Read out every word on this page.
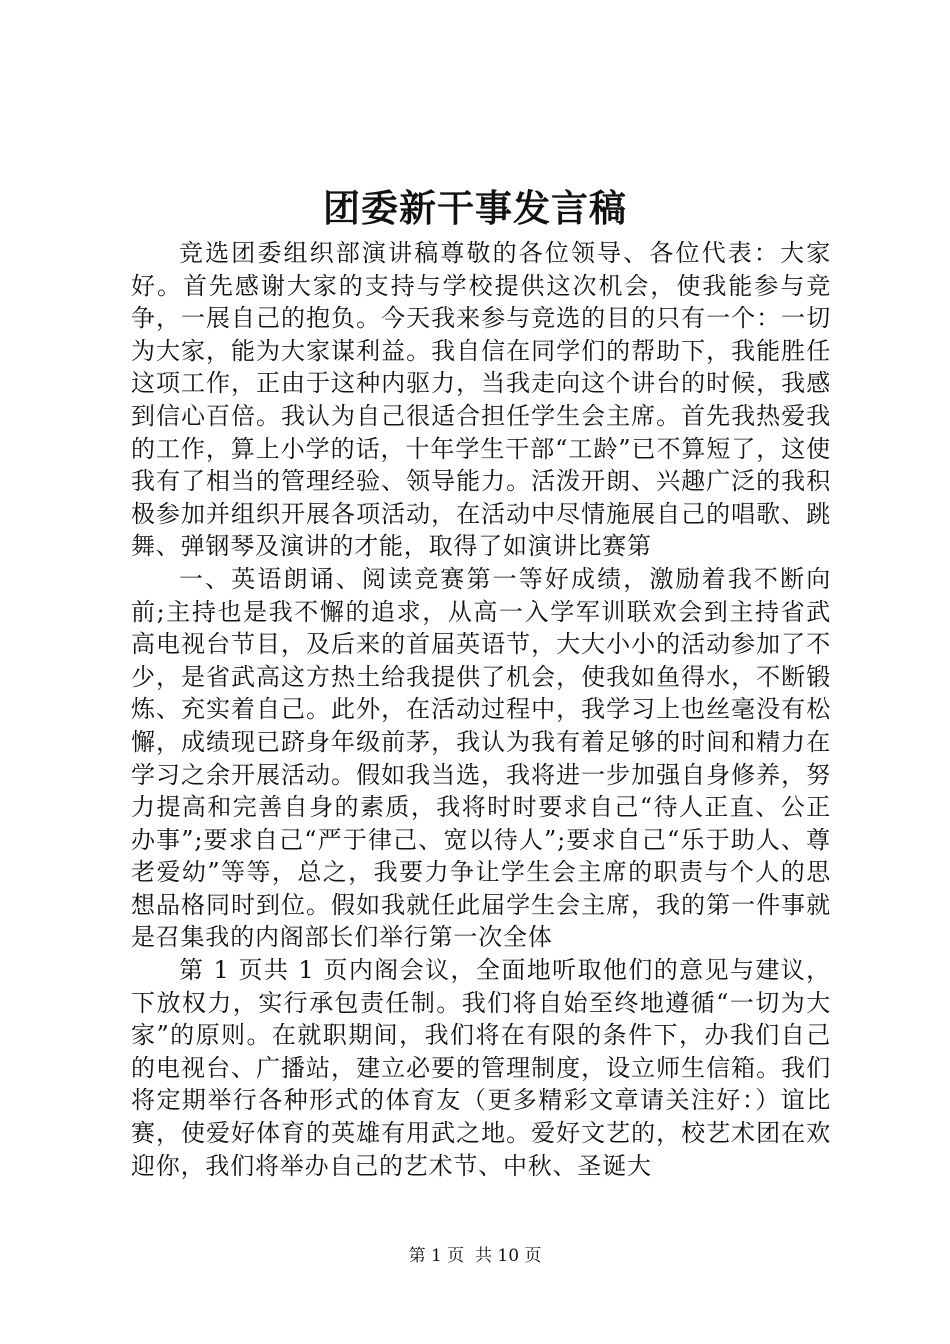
团委新干事发言稿

竞选团委组织部演讲稿尊敬的各位领导、各位代表：大家好。首先感谢大家的支持与学校提供这次机会，使我能参与竞争，一展自己的抱负。今天我来参与竞选的目的只有一个：一切为大家，能为大家谋利益。我自信在同学们的帮助下，我能胜任这项工作，正由于这种内驱力，当我走向这个讲台的时候，我感到信心百倍。我认为自己很适合担任学生会主席。首先我热爱我的工作，算上小学的话，十年学生干部“工龄”已不算短了，这使我有了相当的管理经验、领导能力。活泼开朗、兴趣广泛的我积极参加并组织开展各项活动，在活动中尽情施展自己的唱歌、跳舞、弹钢琴及演讲的才能，取得了如演讲比赛第

一、英语朗诵、阅读竞赛第一等好成绩，激励着我不断向前;主持也是我不懈的追求，从高一入学军训联欢会到主持省武高电视台节目，及后来的首届英语节，大大小小的活动参加了不少，是省武高这方热土给我提供了机会，使我如鱼得水，不断锻炼、充实着自己。此外，在活动过程中，我学习上也丝毫没有松懈，成绩现已跻身年级前茅，我认为我有着足够的时间和精力在学习之余开展活动。假如我当选，我将进一步加强自身修养，努力提高和完善自身的素质，我将时时要求自己“待人正直、公正办事”;要求自己“严于律己、宽以待人”;要求自己“乐于助人、尊老爱幼”等等，总之，我要力争让学生会主席的职责与个人的思想品格同时到位。假如我就任此届学生会主席，我的第一件事就是召集我的内阁部长们举行第一次全体

第 1 页共 1 页内阁会议，全面地听取他们的意见与建议，下放权力，实行承包责任制。我们将自始至终地遵循“一切为大家”的原则。在就职期间，我们将在有限的条件下，办我们自己的电视台、广播站，建立必要的管理制度，设立师生信箱。我们将定期举行各种形式的体育友（更多精彩文章请关注好：）谊比赛，使爱好体育的英雄有用武之地。爱好文艺的，校艺术团在欢迎你，我们将举办自己的艺术节、中秋、圣诞大

第 1 页  共 10 页
